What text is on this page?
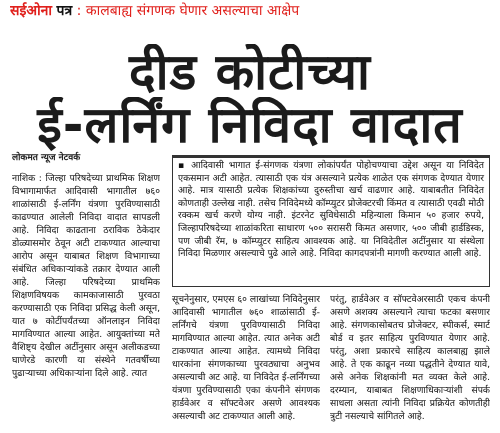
सईओना पत्र : कालबाह्य संगणक घेणार असल्याचा आक्षेप
दीड कोटीच्या
ई-लर्निंग निविदा वादात
लोकमत न्यूज नेटवर्क
नाशिक : जिल्हा परिषदेच्या प्राथमिक शिक्षण विभागामार्फत आदिवासी भागातील ७६० शाळांसाठी ई-लर्निंग यंत्रणा पुरविण्यासाठी काढण्यात आलेली निविदा वादात सापडली आहे. निविदा काढताना ठराविक ठेकेदार डोळ्यासमोर ठेवून अटी टाकण्यात आल्याचा आरोप असून याबाबत शिक्षण विभागाच्या संबंधित अधिकाऱ्यांकडे तक्रार देण्यात आली आहे. जिल्हा परिषदेच्या प्राथमिक शिक्षणविषयक कामकाजासाठी पुरवठा करण्यासाठी एक निविदा प्रसिद्ध केली असून, यात ७ कोटींपर्यंतच्या ऑनलाइन निविदा मागविण्यात आल्या आहेत. आयुक्तांच्या मते वैशिष्ट्य देखील अटींनुसार असून अलीकडच्या घाणेरडे कारणी या संस्थेने गतवर्षीच्या पुढाऱ्याच्या अधिकाऱ्यांना दिले आहे. त्यात
▪ आदिवासी भागात ई-संगणक यंत्रणा लोकांपर्यंत पोहोचण्याचा उद्देश असून या निविदेत एकसमान अटी आहेत. त्यासाठी एक यंत्र असल्याने प्रत्येक शाळेत एक संगणक देण्यात येणार आहे. मात्र यासाठी प्रत्येक शिक्षकांच्या दुरुस्तीचा खर्च वाढणार आहे. याबाबतीत निविदेत कोणताही उल्लेख नाही. तसेच निविदेमध्ये कॉम्प्युटर प्रोजेक्टरची किंमत व त्यासाठी एवढी मोठी रक्कम खर्च करणे योग्य नाही. इंटरनेट सुविधेसाठी महिन्याला किमान ५० हजार रुपये, जिल्हापरिषदेच्या शाळांकरिता साधारण ५०० सरासरी किमत असणार, ५०० जीबी हार्डडिस्क, पण जीबी रॅम, ७ कॉम्प्युटर साहित्य आवश्यक आहे. या निविदेतील अटींनुसार या संस्थेला निविदा मिळणार असल्याचे पुढे आले आहे. निविदा कागदपत्रांनी मागणी करण्यात आली आहे.
सूचनेनुसार, एमएस ६० लाखांच्या निविदेनुसार आदिवासी भागातील ७६० शाळांसाठी ई-लर्निंगचे यंत्रणा पुरविण्यासाठी निविदा मागविण्यात आल्या आहेत. त्यात अनेक अटी टाकण्यात आल्या आहेत. त्यामध्ये निविदा धारकांना संगणकाच्या पुरवठ्याचा अनुभव असल्याची अट आहे. या निविदेत ई-लर्निंगच्या यंत्रणा पुरविण्यासाठी एका कंपनीने संगणक हार्डवेअर व सॉफ्टवेअर असणे आवश्यक असल्याची अट टाकण्यात आली आहे.
परंतु, हार्डवेअर व सॉफ्टवेअरसाठी एकच कंपनी असणे अशक्य असल्याने त्याचा फटका बसणार आहे. संगणकासोबतच प्रोजेक्टर, स्पीकर्स, स्मार्ट बोर्ड व इतर साहित्य पुरविण्यात येणार आहे. परंतु, अशा प्रकारचे साहित्य कालबाह्य झाले आहे. ते एक काढून नव्या पद्धतीने देण्यात यावे, असे अनेक शिक्षकांनी मत व्यक्त केले आहे. दरम्यान, याबाबत शिक्षणाधिकाऱ्यांशी संपर्क साधला असता त्यांनी निविदा प्रक्रियेत कोणतीही त्रुटी नसल्याचे सांगितले आहे.
